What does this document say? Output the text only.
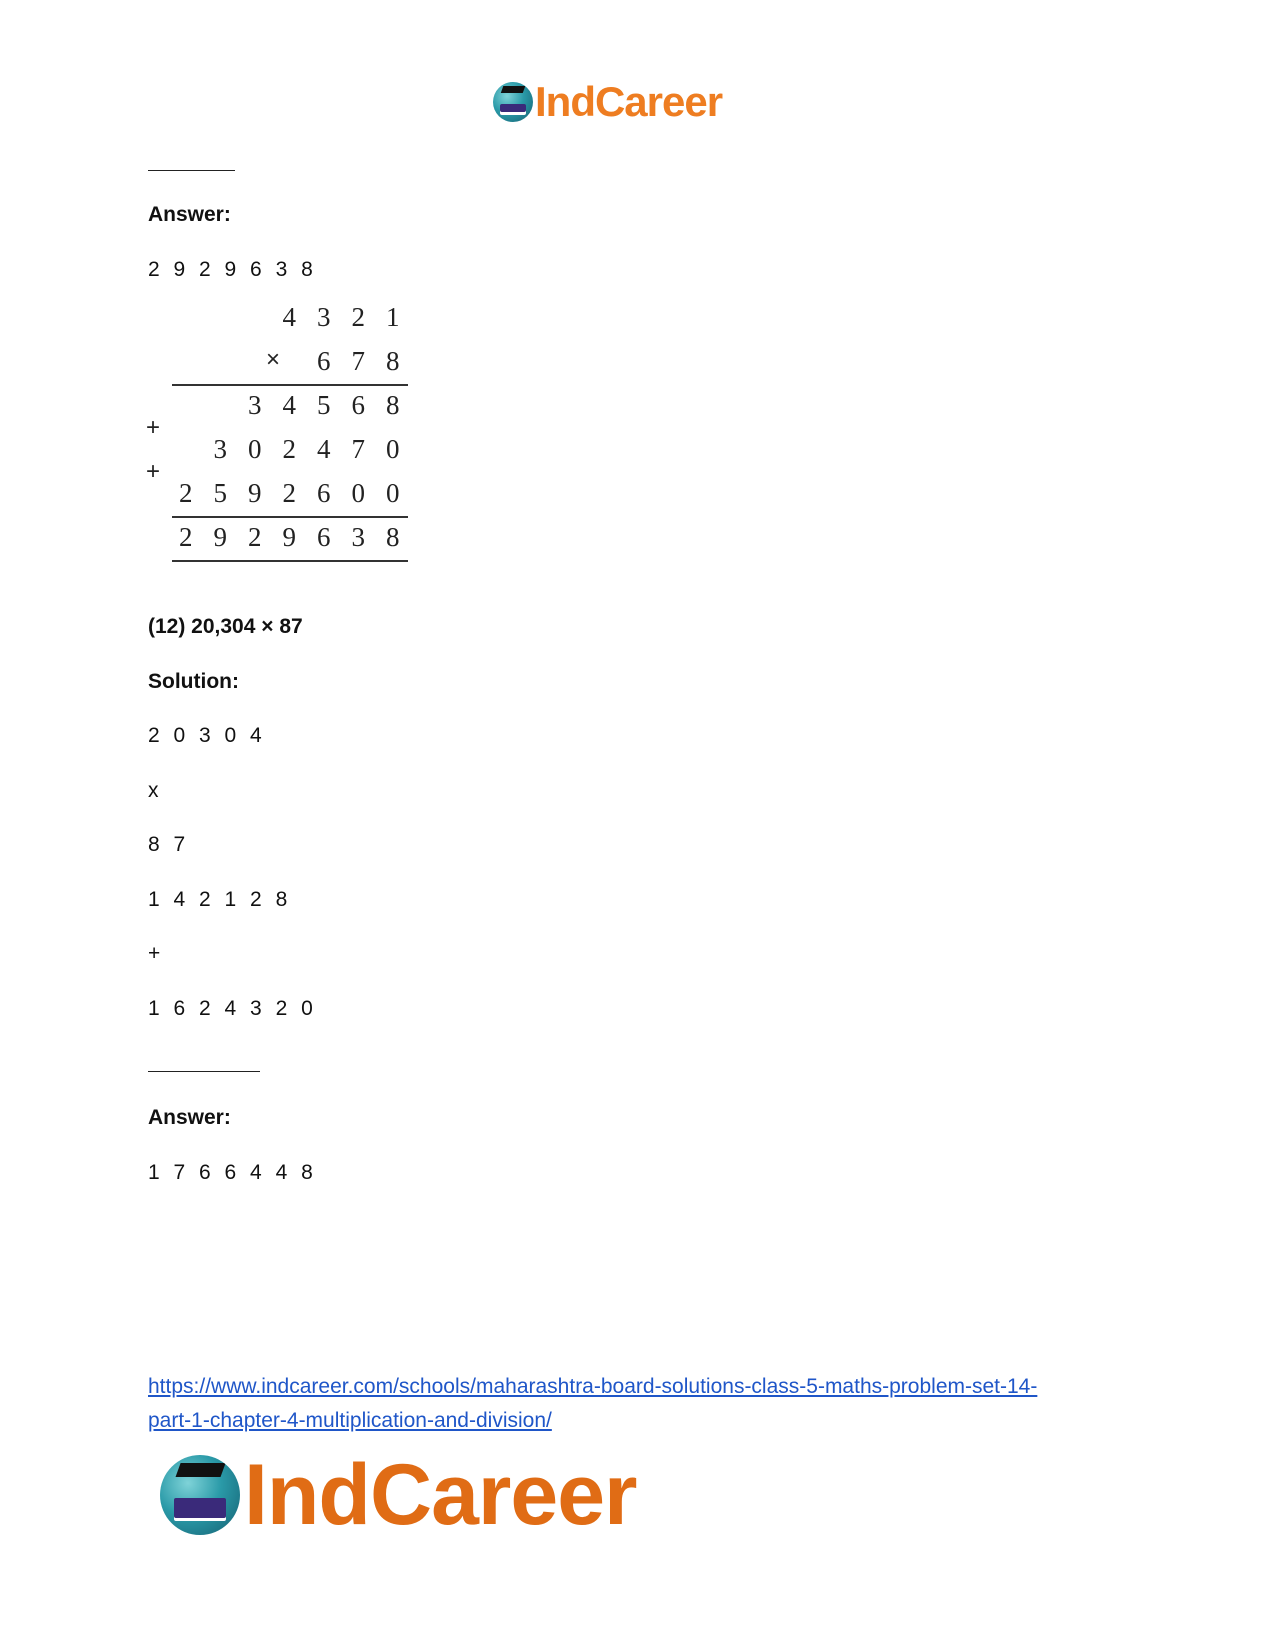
IndCareer
Answer:
2 9 2 9 6 3 8
4 3 2 1
×	6 7 8
3 4 5 6 8
+
3 0 2 4 7 0
+
2 5 9 2 6 0 0
2 9 2 9 6 3 8
(12) 20,304 × 87
Solution:
2 0 3 0 4
x
8 7
1 4 2 1 2 8
+
1 6 2 4 3 2 0
Answer:
1 7 6 6 4 4 8
https://www.indcareer.com/schools/maharashtra-board-solutions-class-5-maths-problem-set-14-
part-1-chapter-4-multiplication-and-division/
IndCareer
